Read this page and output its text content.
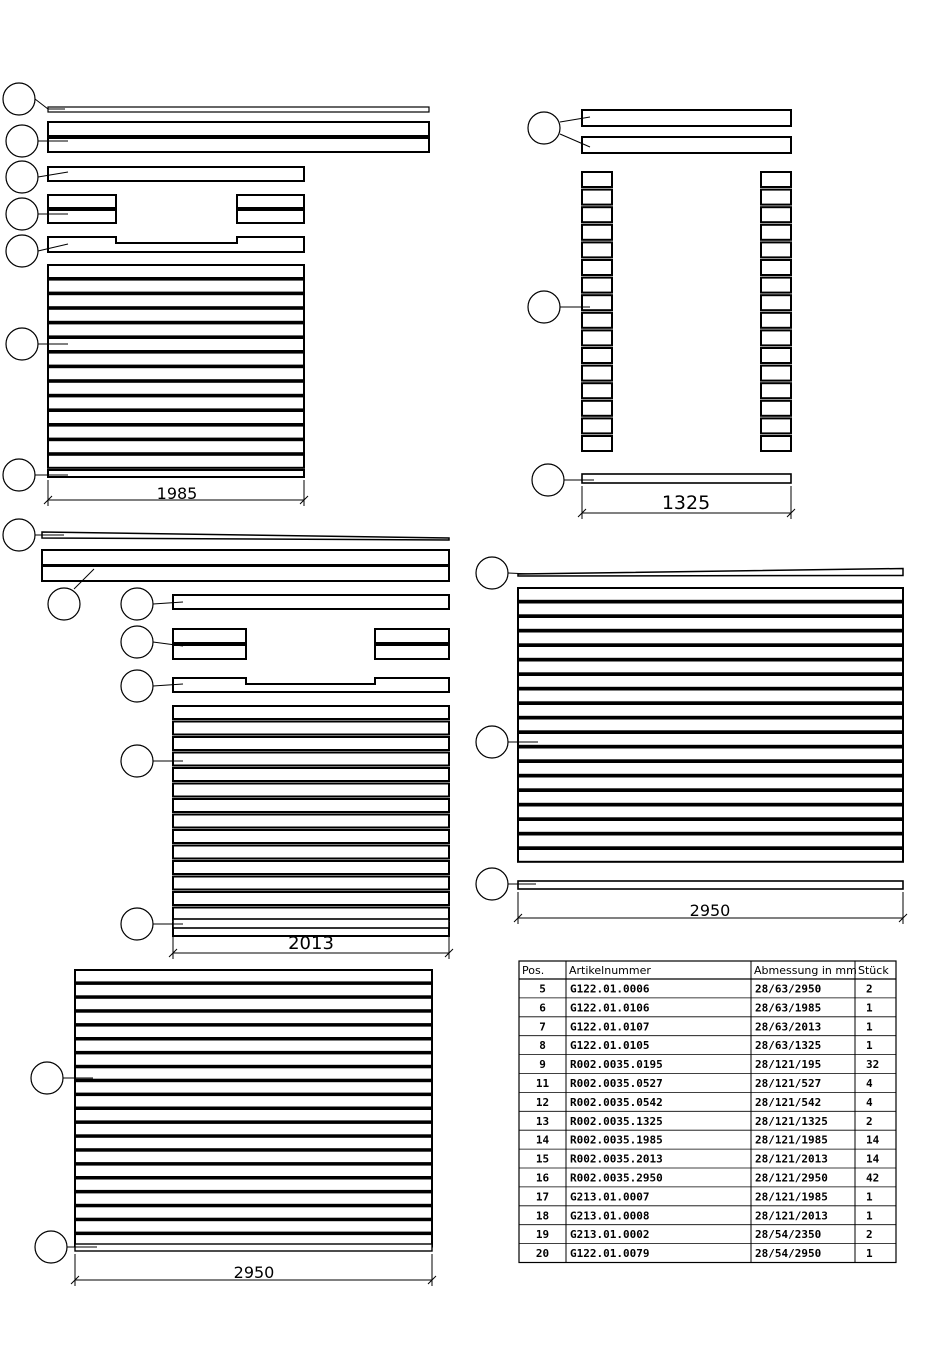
1985	1325
2013
2950
2950
Pos. Artikelnummer	Abmessung in mm Stück
5 G122.01.0006	28/63/2950	2
6 G122.01.0106	28/63/1985	1
7 G122.01.0107	28/63/2013	1
8 G122.01.0105	28/63/1325	1
9 R002.0035.0195	28/121/195	32
11 R002.0035.0527	28/121/527	4
12 R002.0035.0542	28/121/542	4
13 R002.0035.1325	28/121/1325	2
14 R002.0035.1985	28/121/1985	14
15 R002.0035.2013	28/121/2013	14
16 R002.0035.2950	28/121/2950	42
17 G213.01.0007	28/121/1985	1
18 G213.01.0008	28/121/2013	1
19 G213.01.0002	28/54/2350	2
20 G122.01.0079	28/54/2950	1
